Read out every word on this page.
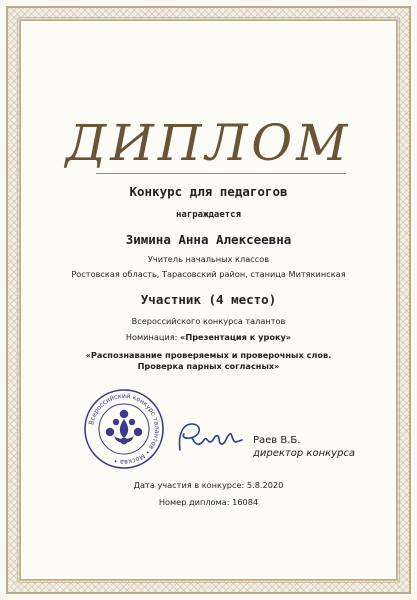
ДИПЛОМ
Конкурс для педагогов
награждается
Зимина Анна Алексеевна
Учитель начальных классов
Ростовская область, Тарасовский район, станица Митякинская
Участник (4 место)
Всероссийского конкурса талантов
Номинация: «Презентация к уроку»
«Распознавание проверяемых и проверочных слов.
Проверка парных согласных»
Всероссийский конкурс талантов • Москва •
Раев В.Б.
директор конкурса
Дата участия в конкурсе: 5.8.2020
Номер диплома: 16084
